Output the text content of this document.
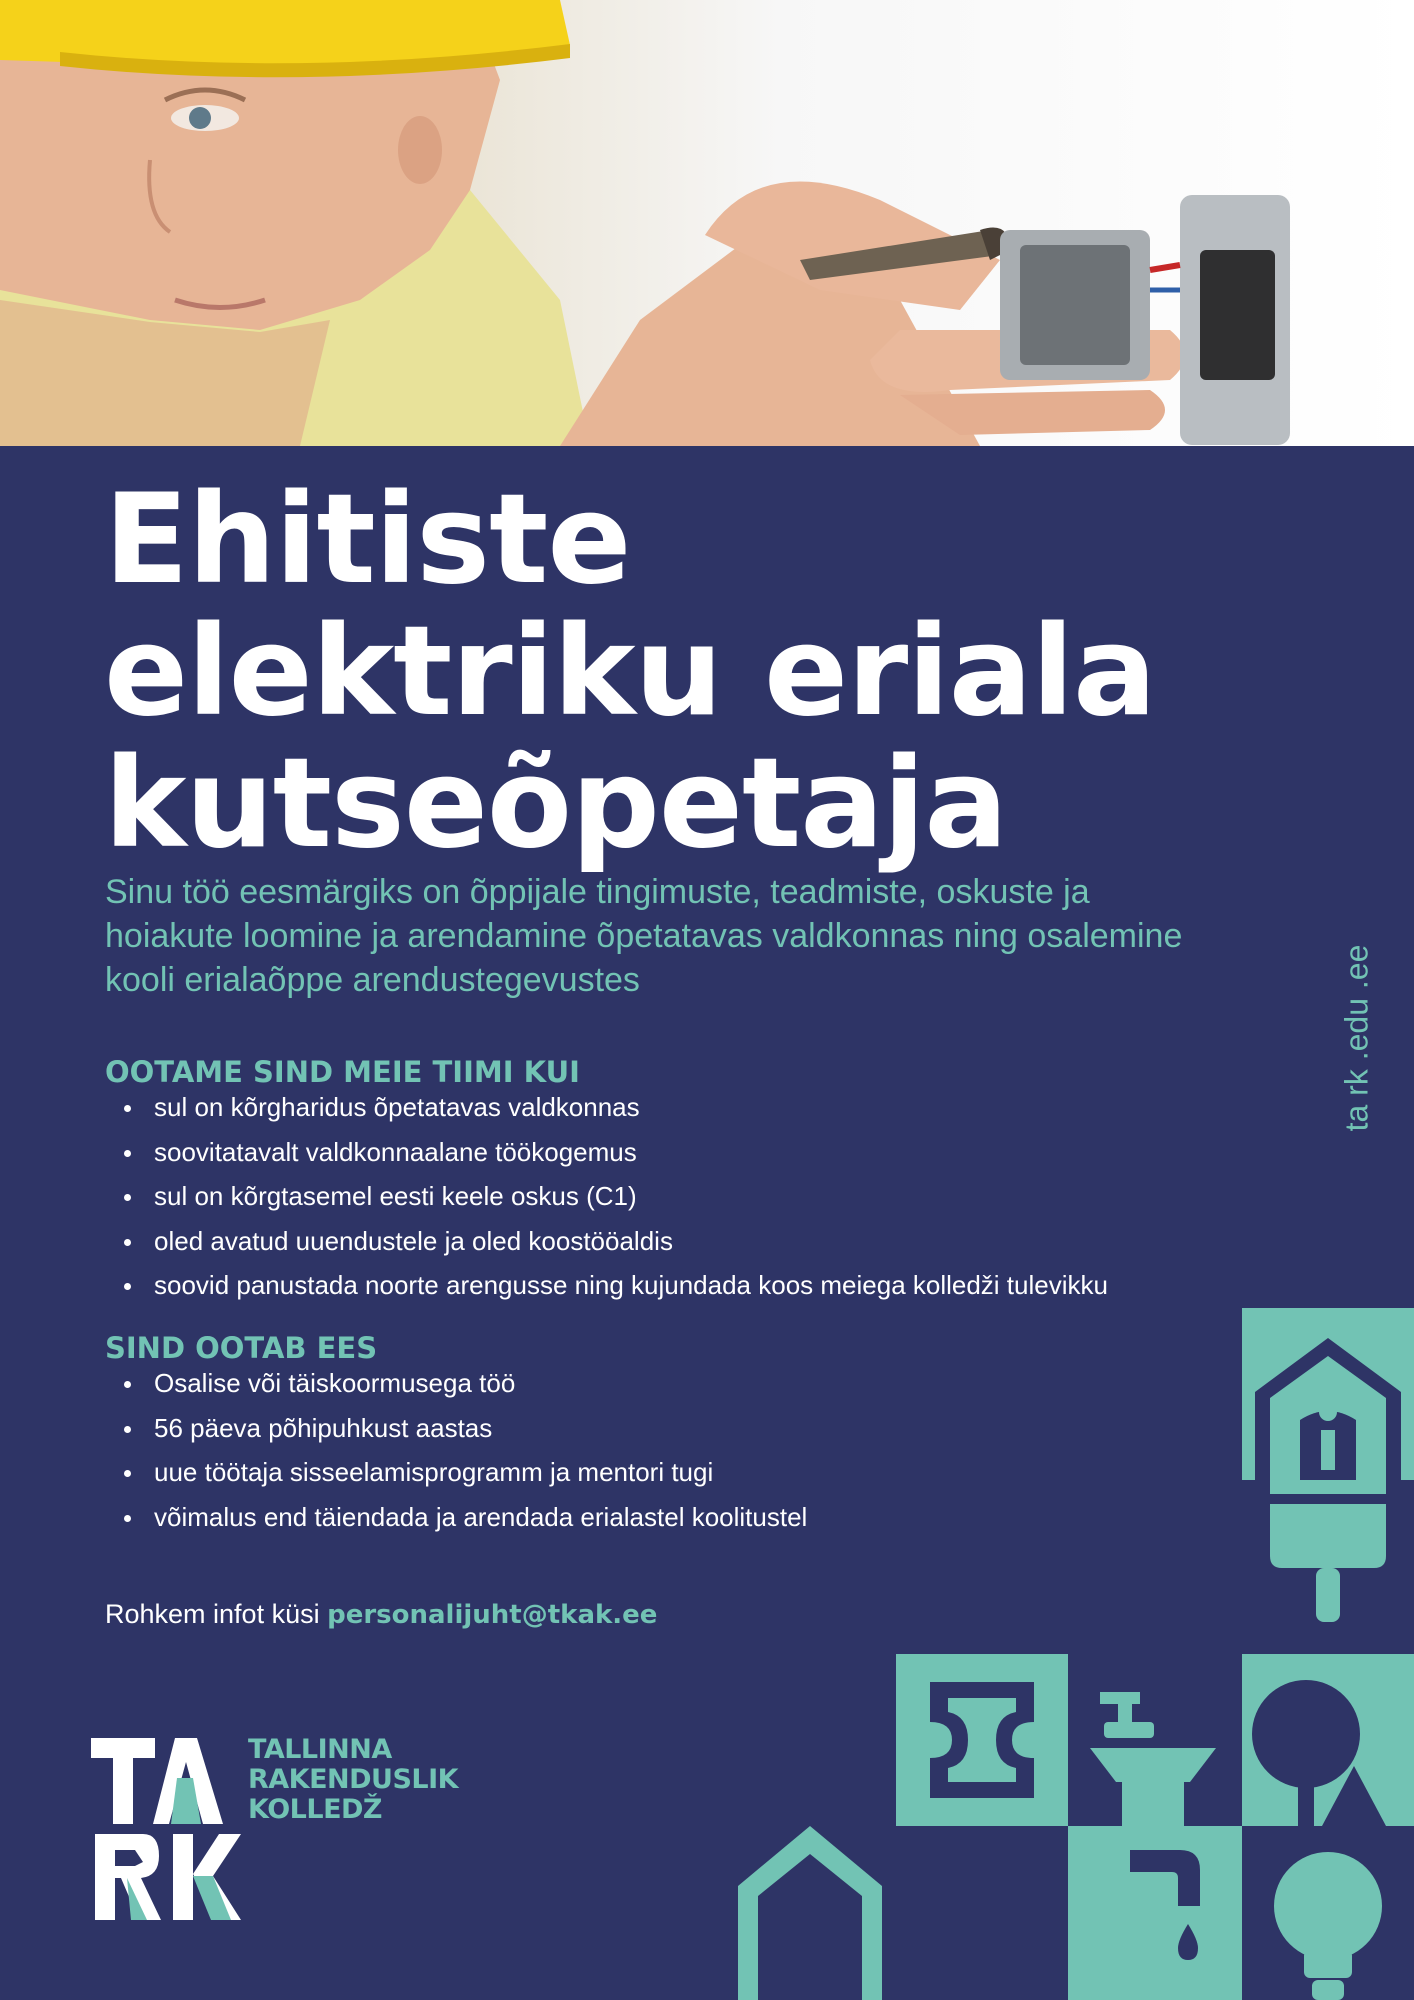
Ehitiste
elektriku eriala
kutseõpetaja

Sinu töö eesmärgiks on õppijale tingimuste, teadmiste, oskuste ja hoiakute loomine ja arendamine õpetatavas valdkonnas ning osalemine kooli erialaõppe arendustegevustes

OOTAME SIND MEIE TIIMI KUI
sul on kõrgharidus õpetatavas valdkonnas
soovitatavalt valdkonnaalane töökogemus
sul on kõrgtasemel eesti keele oskus (C1)
oled avatud uuendustele ja oled koostööaldis
soovid panustada noorte arengusse ning kujundada koos meiega kolledži tulevikku
SIND OOTAB EES
Osalise või täiskoormusega töö
56 päeva põhipuhkust aastas
uue töötaja sisseelamisprogramm ja mentori tugi
võimalus end täiendada ja arendada erialastel koolitustel

Rohkem infot küsi personalijuht@tkak.ee

ta rk .edu .ee

TALLINNA
RAKENDUSLIK
KOLLEDŽ
